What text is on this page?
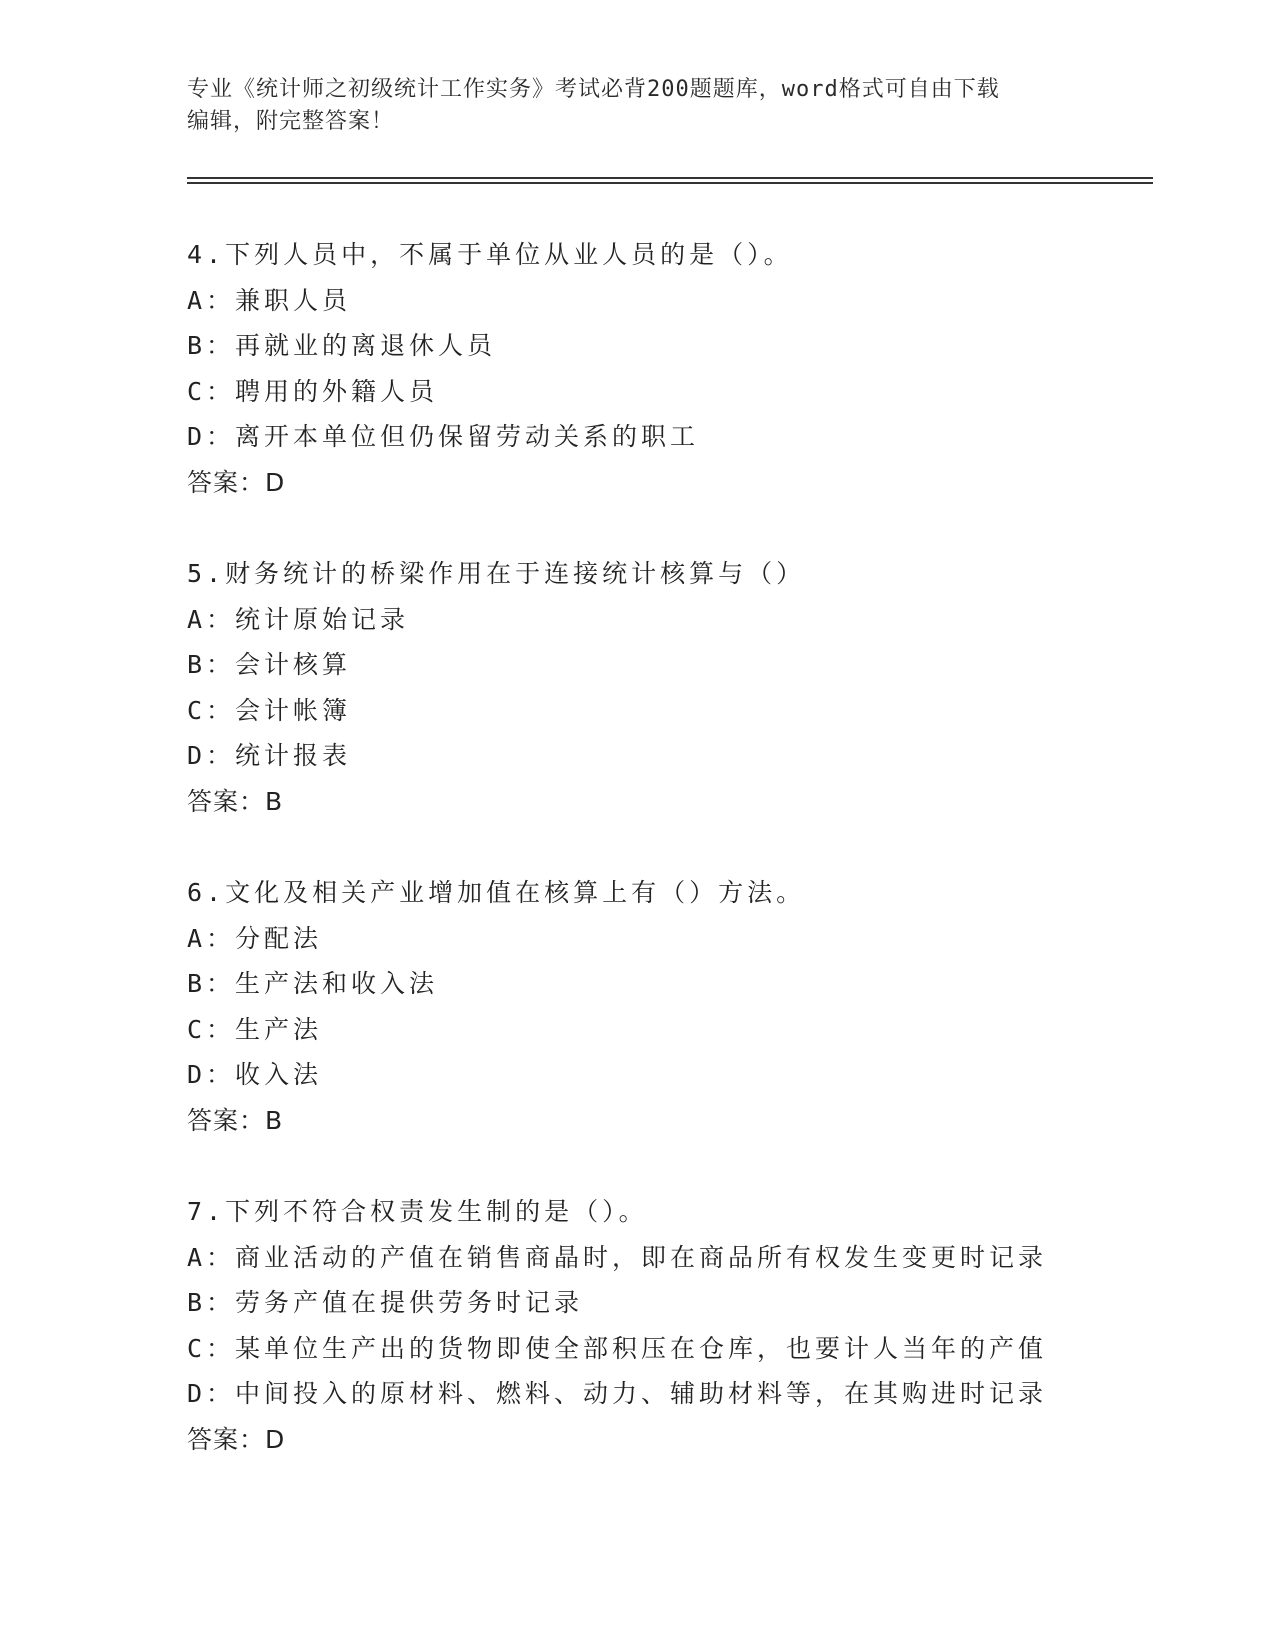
专业《统计师之初级统计工作实务》考试必背200题题库，word格式可自由下载
编辑，附完整答案！
4.下列人员中，不属于单位从业人员的是（）。
A：兼职人员
B：再就业的离退休人员
C：聘用的外籍人员
D：离开本单位但仍保留劳动关系的职工
答案：D
5.财务统计的桥梁作用在于连接统计核算与（）
A：统计原始记录
B：会计核算
C：会计帐簿
D：统计报表
答案：B
6.文化及相关产业增加值在核算上有（）方法。
A：分配法
B：生产法和收入法
C：生产法
D：收入法
答案：B
7.下列不符合权责发生制的是（）。
A：商业活动的产值在销售商晶时，即在商品所有权发生变更时记录
B：劳务产值在提供劳务时记录
C：某单位生产出的货物即使全部积压在仓库，也要计人当年的产值
D：中间投入的原材料、燃料、动力、辅助材料等，在其购进时记录
答案：D
